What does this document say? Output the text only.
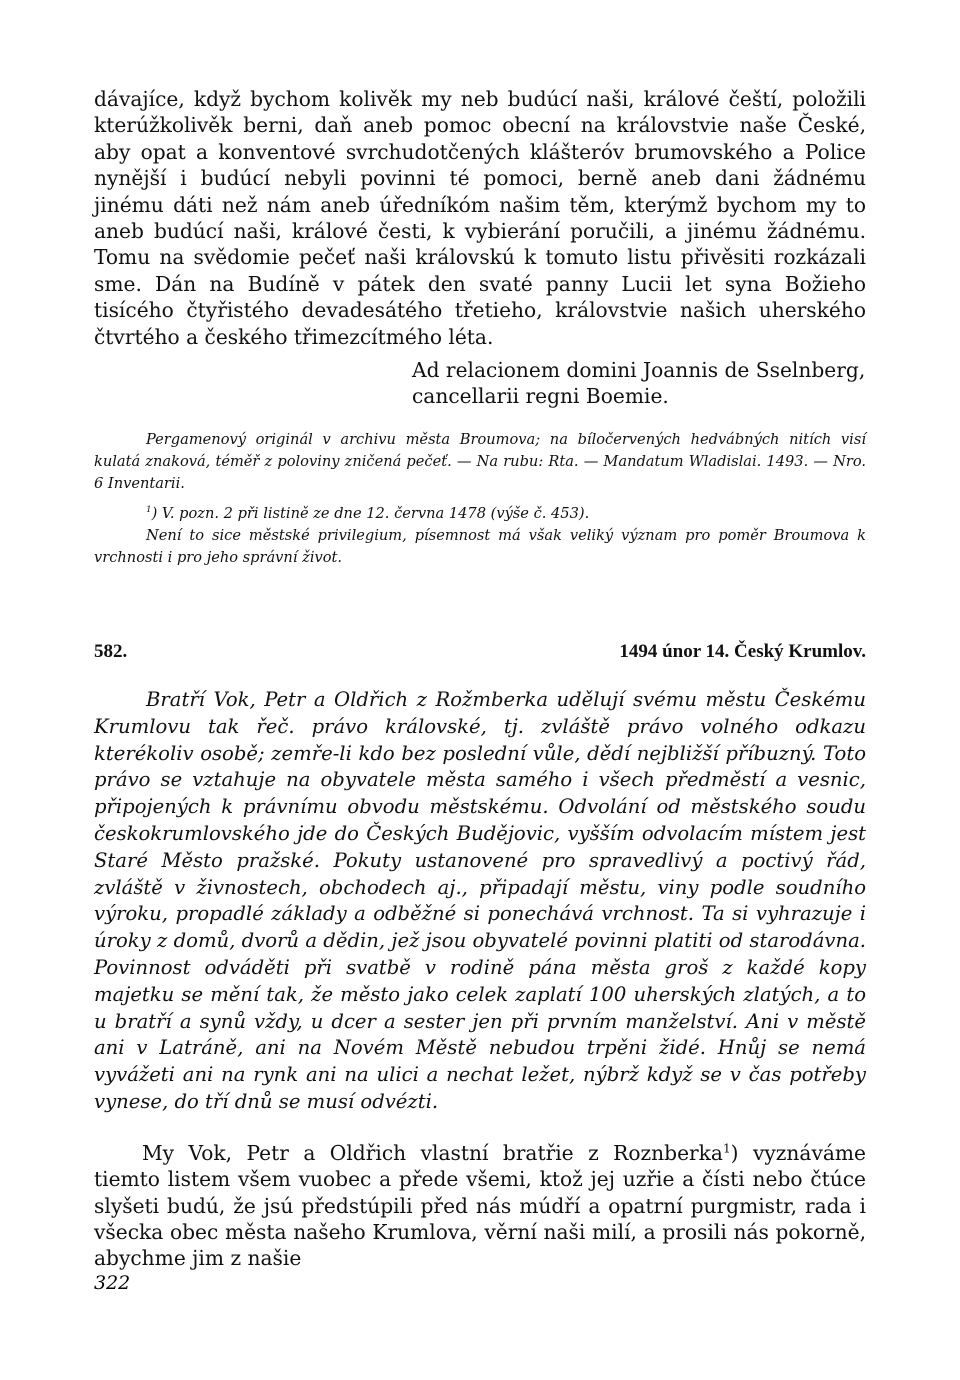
dávajíce, když bychom kolivěk my neb budúcí naši, králové čeští, položili kterúžkolivěk berni, daň aneb pomoc obecní na královstvie naše České, aby opat a konventové svrchudotčených klášteróv brumovského a Police nynější i budúcí nebyli povinni té pomoci, berně aneb dani žádnému jinému dáti než nám aneb úředníkóm našim těm, kterýmž bychom my to aneb budúcí naši, králové česti, k vybierání poručili, a jinému žádnému. Tomu na svědomie pečeť naši královskú k tomuto listu přivěsiti rozkázali sme. Dán na Budíně v pátek den svaté panny Lucii let syna Božieho tisícého čtyřistého devadesátého třetieho, královstvie našich uherského čtvrtého a českého třimezcítmého léta.

Ad relacionem domini Joannis de Sselnberg,
cancellarii regni Boemie.

Pergamenový originál v archivu města Broumova; na bíločervených hedvábných nitích visí kulatá znaková, téměř z poloviny zničená pečeť. — Na rubu: Rta. — Mandatum Wladislai. 1493. — Nro. 6 Inventarii.

$^1$) V. pozn. 2 při listině ze dne 12. června 1478 (výše č. 453).

Není to sice městské privilegium, písemnost má však veliký význam pro poměr Broumova k vrchnosti i pro jeho správní život.

582.	1494 únor 14. Český Krumlov.

Bratří Vok, Petr a Oldřich z Rožmberka udělují svému městu Českému Krumlovu tak řeč. právo královské, tj. zvláště právo volného odkazu kterékoliv osobě; zemře-li kdo bez poslední vůle, dědí nejbližší příbuzný. Toto právo se vztahuje na obyvatele města samého i všech předměstí a vesnic, připojených k právnímu obvodu městskému. Odvolání od městského soudu českokrumlovského jde do Českých Budějovic, vyšším odvolacím místem jest Staré Město pražské. Pokuty ustanovené pro spravedlivý a poctivý řád, zvláště v živnostech, obchodech aj., připadají městu, viny podle soudního výroku, propadlé základy a odběžné si ponechává vrchnost. Ta si vyhrazuje i úroky z domů, dvorů a dědin, jež jsou obyvatelé povinni platiti od starodávna. Povinnost odváděti při svatbě v rodině pána města groš z každé kopy majetku se mění tak, že město jako celek zaplatí 100 uherských zlatých, a to u bratří a synů vždy, u dcer a sester jen při prvním manželství. Ani v městě ani v Latráně, ani na Novém Městě nebudou trpěni židé. Hnůj se nemá vyvážeti ani na rynk ani na ulici a nechat ležet, nýbrž když se v čas potřeby vynese, do tří dnů se musí odvézti.

My Vok, Petr a Oldřich vlastní bratřie z Roznberka$^1$) vyznáváme tiemto listem všem vuobec a přede všemi, ktož jej uzřie a čísti nebo čtúce slyšeti budú, že jsú předstúpili před nás múdří a opatrní purgmistr, rada i všecka obec města našeho Krumlova, věrní naši milí, a prosili nás pokorně, abychme jim z našie

322
